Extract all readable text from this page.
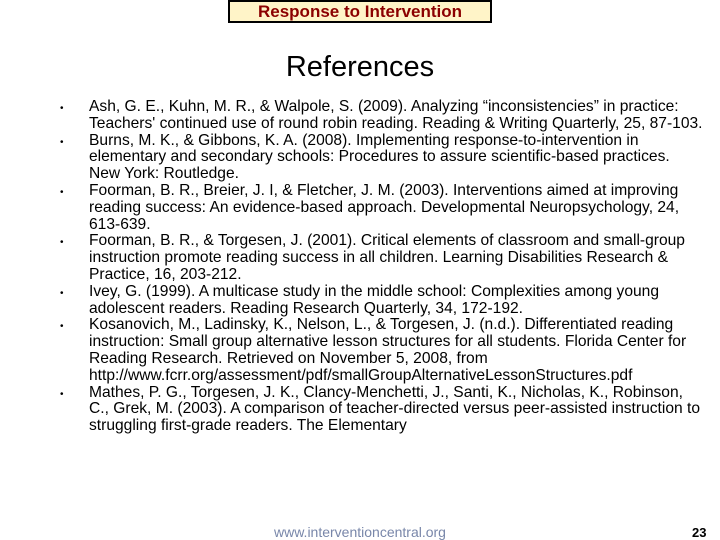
Response to Intervention
References
• Ash, G. E., Kuhn, M. R., & Walpole, S. (2009). Analyzing “inconsistencies” in practice: Teachers' continued use of round robin reading. Reading & Writing Quarterly, 25, 87-103.
• Burns, M. K., & Gibbons, K. A. (2008). Implementing response-to-intervention in elementary and secondary schools: Procedures to assure scientific-based practices. New York: Routledge.
• Foorman, B. R., Breier, J. I, & Fletcher, J. M. (2003). Interventions aimed at improving reading success: An evidence-based approach. Developmental Neuropsychology, 24, 613-639.
• Foorman, B. R., & Torgesen, J. (2001). Critical elements of classroom and small-group instruction promote reading success in all children. Learning Disabilities Research & Practice, 16, 203-212.
• Ivey, G. (1999). A multicase study in the middle school: Complexities among young adolescent readers. Reading Research Quarterly, 34, 172-192.
• Kosanovich, M., Ladinsky, K., Nelson, L., & Torgesen, J. (n.d.). Differentiated reading instruction: Small group alternative lesson structures for all students. Florida Center for Reading Research. Retrieved on November 5, 2008, from http://www.fcrr.org/assessment/pdf/smallGroupAlternativeLessonStructures.pdf
• Mathes, P. G., Torgesen, J. K., Clancy-Menchetti, J., Santi, K., Nicholas, K., Robinson, C., Grek, M. (2003). A comparison of teacher-directed versus peer-assisted instruction to struggling first-grade readers. The Elementary
www.interventioncentral.org	23
